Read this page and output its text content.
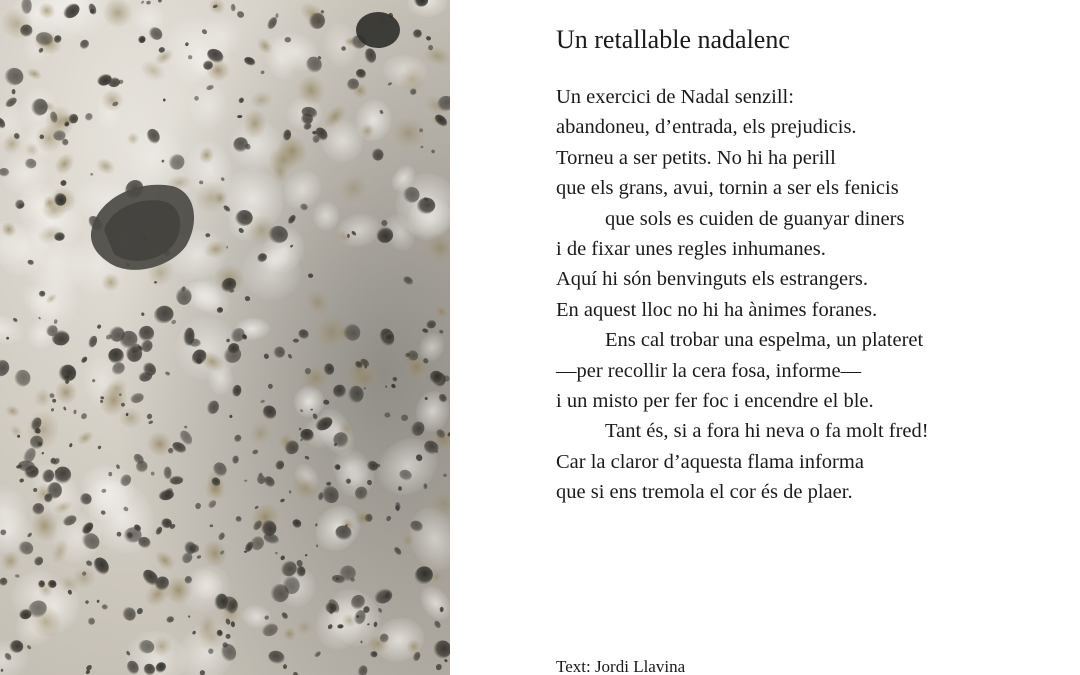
Un retallable nadalenc
Un exercici de Nadal senzill:
abandoneu, d’entrada, els prejudicis.
Torneu a ser petits. No hi ha perill
que els grans, avui, tornin a ser els fenicis
que sols es cuiden de guanyar diners
i de fixar unes regles inhumanes.
Aquí hi són benvinguts els estrangers.
En aquest lloc no hi ha ànimes foranes.
Ens cal trobar una espelma, un plateret
—per recollir la cera fosa, informe—
i un misto per fer foc i encendre el ble.
Tant és, si a fora hi neva o fa molt fred!
Car la claror d’aquesta flama informa
que si ens tremola el cor és de plaer.
Text: Jordi Llavina
